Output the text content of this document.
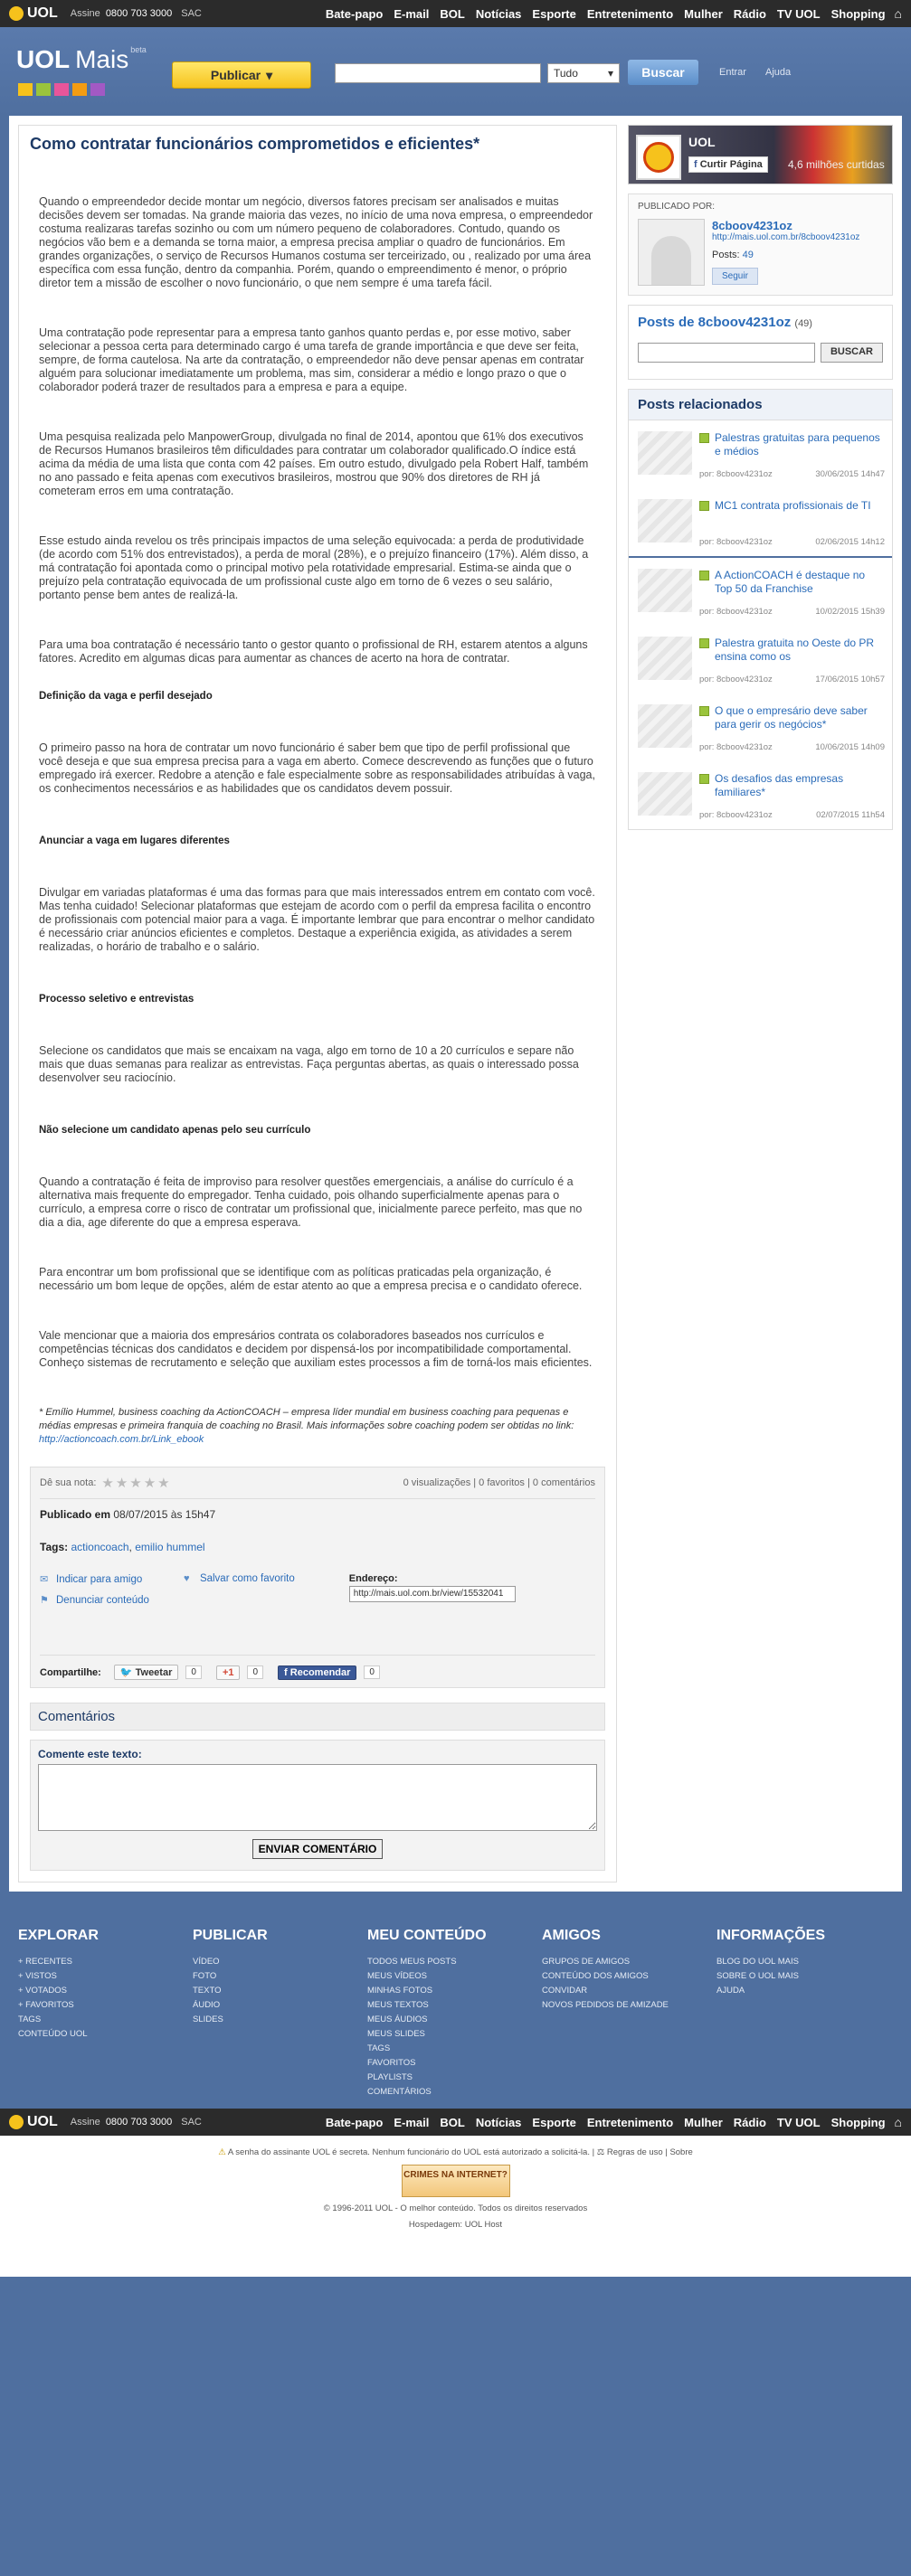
UOL Assine 0800 703 3000 SAC	Bate-papo E-mail BOL Notícias Esporte Entretenimento Mulher Rádio TV UOL Shopping ⌂
UOL Mais beta
Publicar ▾	Tudo	▾	Buscar	Entrar Ajuda
Como contratar funcionários comprometidos e eficientes*

Quando o empreendedor decide montar um negócio, diversos fatores precisam ser analisados e muitas decisões devem ser tomadas. Na grande maioria das vezes, no início de uma nova empresa, o empreendedor costuma realizaras tarefas sozinho ou com um número pequeno de colaboradores. Contudo, quando os negócios vão bem e a demanda se torna maior, a empresa precisa ampliar o quadro de funcionários. Em grandes organizações, o serviço de Recursos Humanos costuma ser terceirizado, ou , realizado por uma área específica com essa função, dentro da companhia. Porém, quando o empreendimento é menor, o próprio diretor tem a missão de escolher o novo funcionário, o que nem sempre é uma tarefa fácil.

Uma contratação pode representar para a empresa tanto ganhos quanto perdas e, por esse motivo, saber selecionar a pessoa certa para determinado cargo é uma tarefa de grande importância e que deve ser feita, sempre, de forma cautelosa. Na arte da contratação, o empreendedor não deve pensar apenas em contratar alguém para solucionar imediatamente um problema, mas sim, considerar a médio e longo prazo o que o colaborador poderá trazer de resultados para a empresa e para a equipe.

Uma pesquisa realizada pelo ManpowerGroup, divulgada no final de 2014, apontou que 61% dos executivos de Recursos Humanos brasileiros têm dificuldades para contratar um colaborador qualificado.O índice está acima da média de uma lista que conta com 42 países. Em outro estudo, divulgado pela Robert Half, também no ano passado e feita apenas com executivos brasileiros, mostrou que 90% dos diretores de RH já cometeram erros em uma contratação.

Esse estudo ainda revelou os três principais impactos de uma seleção equivocada: a perda de produtividade (de acordo com 51% dos entrevistados), a perda de moral (28%), e o prejuízo financeiro (17%). Além disso, a má contratação foi apontada como o principal motivo pela rotatividade empresarial. Estima-se ainda que o prejuízo pela contratação equivocada de um profissional custe algo em torno de 6 vezes o seu salário, portanto pense bem antes de realizá-la.

Para uma boa contratação é necessário tanto o gestor quanto o profissional de RH, estarem atentos a alguns fatores. Acredito em algumas dicas para aumentar as chances de acerto na hora de contratar.

Definição da vaga e perfil desejado

O primeiro passo na hora de contratar um novo funcionário é saber bem que tipo de perfil profissional que você deseja e que sua empresa precisa para a vaga em aberto. Comece descrevendo as funções que o futuro empregado irá exercer. Redobre a atenção e fale especialmente sobre as responsabilidades atribuídas à vaga, os conhecimentos necessários e as habilidades que os candidatos devem possuir.

Anunciar a vaga em lugares diferentes

Divulgar em variadas plataformas é uma das formas para que mais interessados entrem em contato com você. Mas tenha cuidado! Selecionar plataformas que estejam de acordo com o perfil da empresa facilita o encontro de profissionais com potencial maior para a vaga. É importante lembrar que para encontrar o melhor candidato é necessário criar anúncios eficientes e completos. Destaque a experiência exigida, as atividades a serem realizadas, o horário de trabalho e o salário.

Processo seletivo e entrevistas

Selecione os candidatos que mais se encaixam na vaga, algo em torno de 10 a 20 currículos e separe não mais que duas semanas para realizar as entrevistas. Faça perguntas abertas, as quais o interessado possa desenvolver seu raciocínio.

Não selecione um candidato apenas pelo seu currículo

Quando a contratação é feita de improviso para resolver questões emergenciais, a análise do currículo é a alternativa mais frequente do empregador. Tenha cuidado, pois olhando superficialmente apenas para o currículo, a empresa corre o risco de contratar um profissional que, inicialmente parece perfeito, mas que no dia a dia, age diferente do que a empresa esperava.

Para encontrar um bom profissional que se identifique com as políticas praticadas pela organização, é necessário um bom leque de opções, além de estar atento ao que a empresa precisa e o candidato oferece.

Vale mencionar que a maioria dos empresários contrata os colaboradores baseados nos currículos e competências técnicas dos candidatos e decidem por dispensá-los por incompatibilidade comportamental. Conheço sistemas de recrutamento e seleção que auxiliam estes processos a fim de torná-los mais eficientes.

* Emílio Hummel, business coaching da ActionCOACH – empresa líder mundial em business coaching para pequenas e médias empresas e primeira franquia de coaching no Brasil. Mais informações sobre coaching podem ser obtidas no link: http://actioncoach.com.br/Link_ebook

Dê sua nota: ★★★★★	0 visualizações | 0 favoritos | 0 comentários
Publicado em 08/07/2015 às 15h47
Tags: actioncoach, emilio hummel
✉ Indicar para amigo
⚑ Denunciar conteúdo
♥ Salvar como favorito	Endereço:
http://mais.uol.com.br/view/15532041
Compartilhe:	🐦 Tweetar	0	+1	0	f Recomendar	0
Comentários
Comente este texto:
ENVIAR COMENTÁRIO
UOL
f Curtir Página	4,6 milhões curtidas
PUBLICADO POR:
8cboov4231oz
http://mais.uol.com.br/8cboov4231oz
Posts: 49
Seguir
Posts de 8cboov4231oz (49)
BUSCAR
Posts relacionados
Palestras gratuitas para pequenos e médios
por: 8cboov4231oz	30/06/2015 14h47
MC1 contrata profissionais de TI
por: 8cboov4231oz	02/06/2015 14h12
A ActionCOACH é destaque no Top 50 da Franchise
por: 8cboov4231oz	10/02/2015 15h39
Palestra gratuita no Oeste do PR ensina como os
por: 8cboov4231oz	17/06/2015 10h57
O que o empresário deve saber para gerir os negócios*
por: 8cboov4231oz	10/06/2015 14h09
Os desafios das empresas familiares*
por: 8cboov4231oz	02/07/2015 11h54
EXPLORAR
+ RECENTES
+ VISTOS
+ VOTADOS
+ FAVORITOS
TAGS
CONTEÚDO UOL
PUBLICAR
VÍDEO
FOTO
TEXTO
ÁUDIO
SLIDES
MEU CONTEÚDO
TODOS MEUS POSTS
MEUS VÍDEOS
MINHAS FOTOS
MEUS TEXTOS
MEUS ÁUDIOS
MEUS SLIDES
TAGS
FAVORITOS
PLAYLISTS
COMENTÁRIOS
AMIGOS
GRUPOS DE AMIGOS
CONTEÚDO DOS AMIGOS
CONVIDAR
NOVOS PEDIDOS DE AMIZADE
INFORMAÇÕES
BLOG DO UOL MAIS
SOBRE O UOL MAIS
AJUDA
UOL Assine 0800 703 3000 SAC	Bate-papo E-mail BOL Notícias Esporte Entretenimento Mulher Rádio TV UOL Shopping ⌂
⚠ A senha do assinante UOL é secreta. Nenhum funcionário do UOL está autorizado a solicitá-la. | ⚖ Regras de uso | Sobre
CRIMES NA INTERNET?
© 1996-2011 UOL - O melhor conteúdo. Todos os direitos reservados
Hospedagem: UOL Host
